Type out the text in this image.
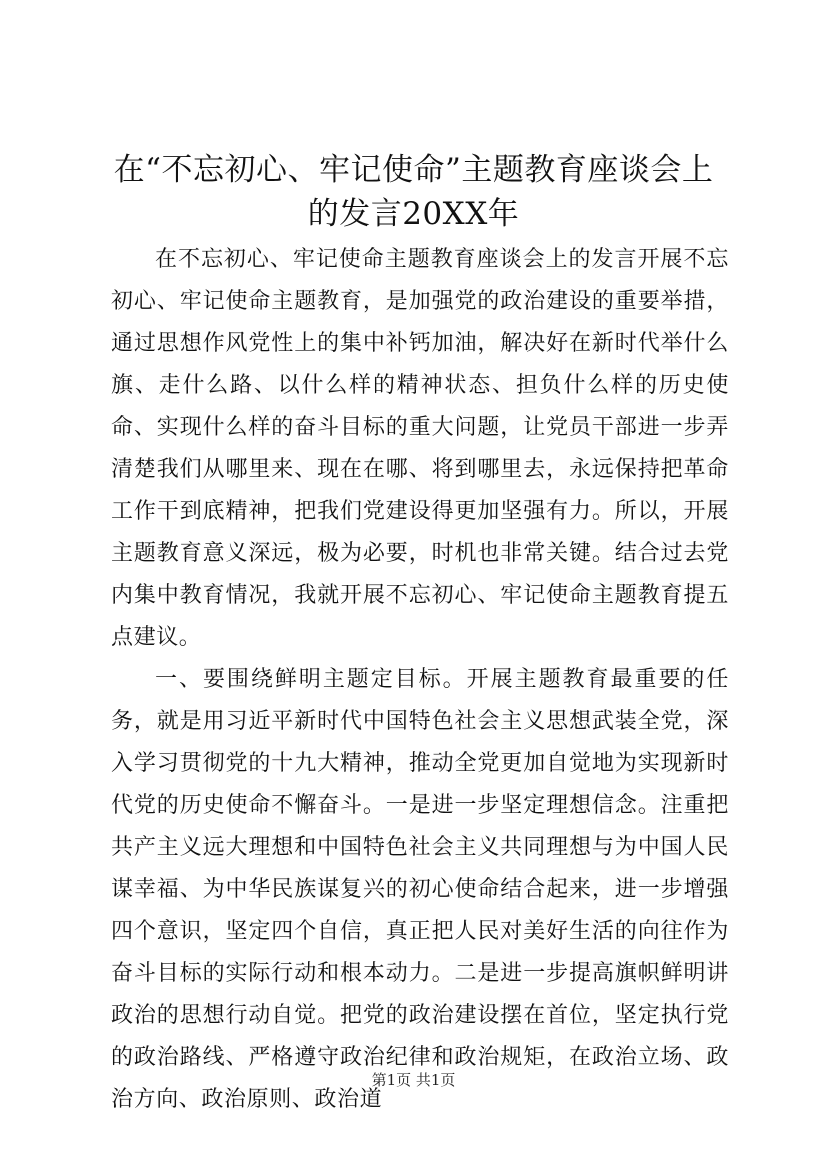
在“不忘初心、牢记使命”主题教育座谈会上
的发言20XX年

在不忘初心、牢记使命主题教育座谈会上的发言开展不忘初心、牢记使命主题教育，是加强党的政治建设的重要举措，通过思想作风党性上的集中补钙加油，解决好在新时代举什么旗、走什么路、以什么样的精神状态、担负什么样的历史使命、实现什么样的奋斗目标的重大问题，让党员干部进一步弄清楚我们从哪里来、现在在哪、将到哪里去，永远保持把革命工作干到底精神，把我们党建设得更加坚强有力。所以，开展主题教育意义深远，极为必要，时机也非常关键。结合过去党内集中教育情况，我就开展不忘初心、牢记使命主题教育提五点建议。

一、要围绕鲜明主题定目标。开展主题教育最重要的任务，就是用习近平新时代中国特色社会主义思想武装全党，深入学习贯彻党的十九大精神，推动全党更加自觉地为实现新时代党的历史使命不懈奋斗。一是进一步坚定理想信念。注重把共产主义远大理想和中国特色社会主义共同理想与为中国人民谋幸福、为中华民族谋复兴的初心使命结合起来，进一步增强四个意识，坚定四个自信，真正把人民对美好生活的向往作为奋斗目标的实际行动和根本动力。二是进一步提高旗帜鲜明讲政治的思想行动自觉。把党的政治建设摆在首位，坚定执行党的政治路线、严格遵守政治纪律和政治规矩，在政治立场、政治方向、政治原则、政治道

第1页 共1页
